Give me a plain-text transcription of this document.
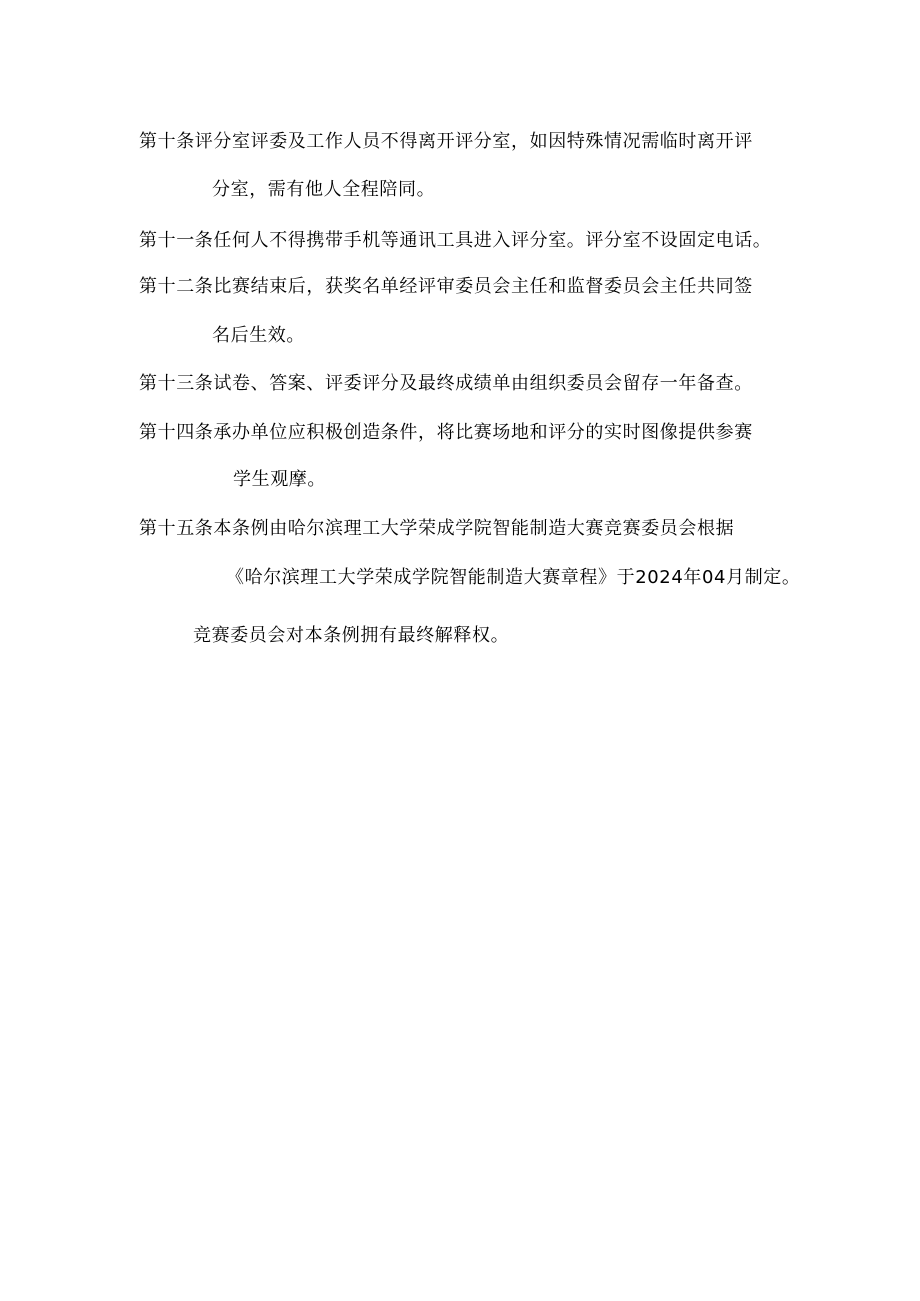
第十条评分室评委及工作人员不得离开评分室，如因特殊情况需临时离开评
分室，需有他人全程陪同。
第十一条任何人不得携带手机等通讯工具进入评分室。评分室不设固定电话。
第十二条比赛结束后，获奖名单经评审委员会主任和监督委员会主任共同签
名后生效。
第十三条试卷、答案、评委评分及最终成绩单由组织委员会留存一年备查。
第十四条承办单位应积极创造条件，将比赛场地和评分的实时图像提供参赛
学生观摩。
第十五条本条例由哈尔滨理工大学荣成学院智能制造大赛竞赛委员会根据
《哈尔滨理工大学荣成学院智能制造大赛章程》于2024年04月制定。
竞赛委员会对本条例拥有最终解释权。
